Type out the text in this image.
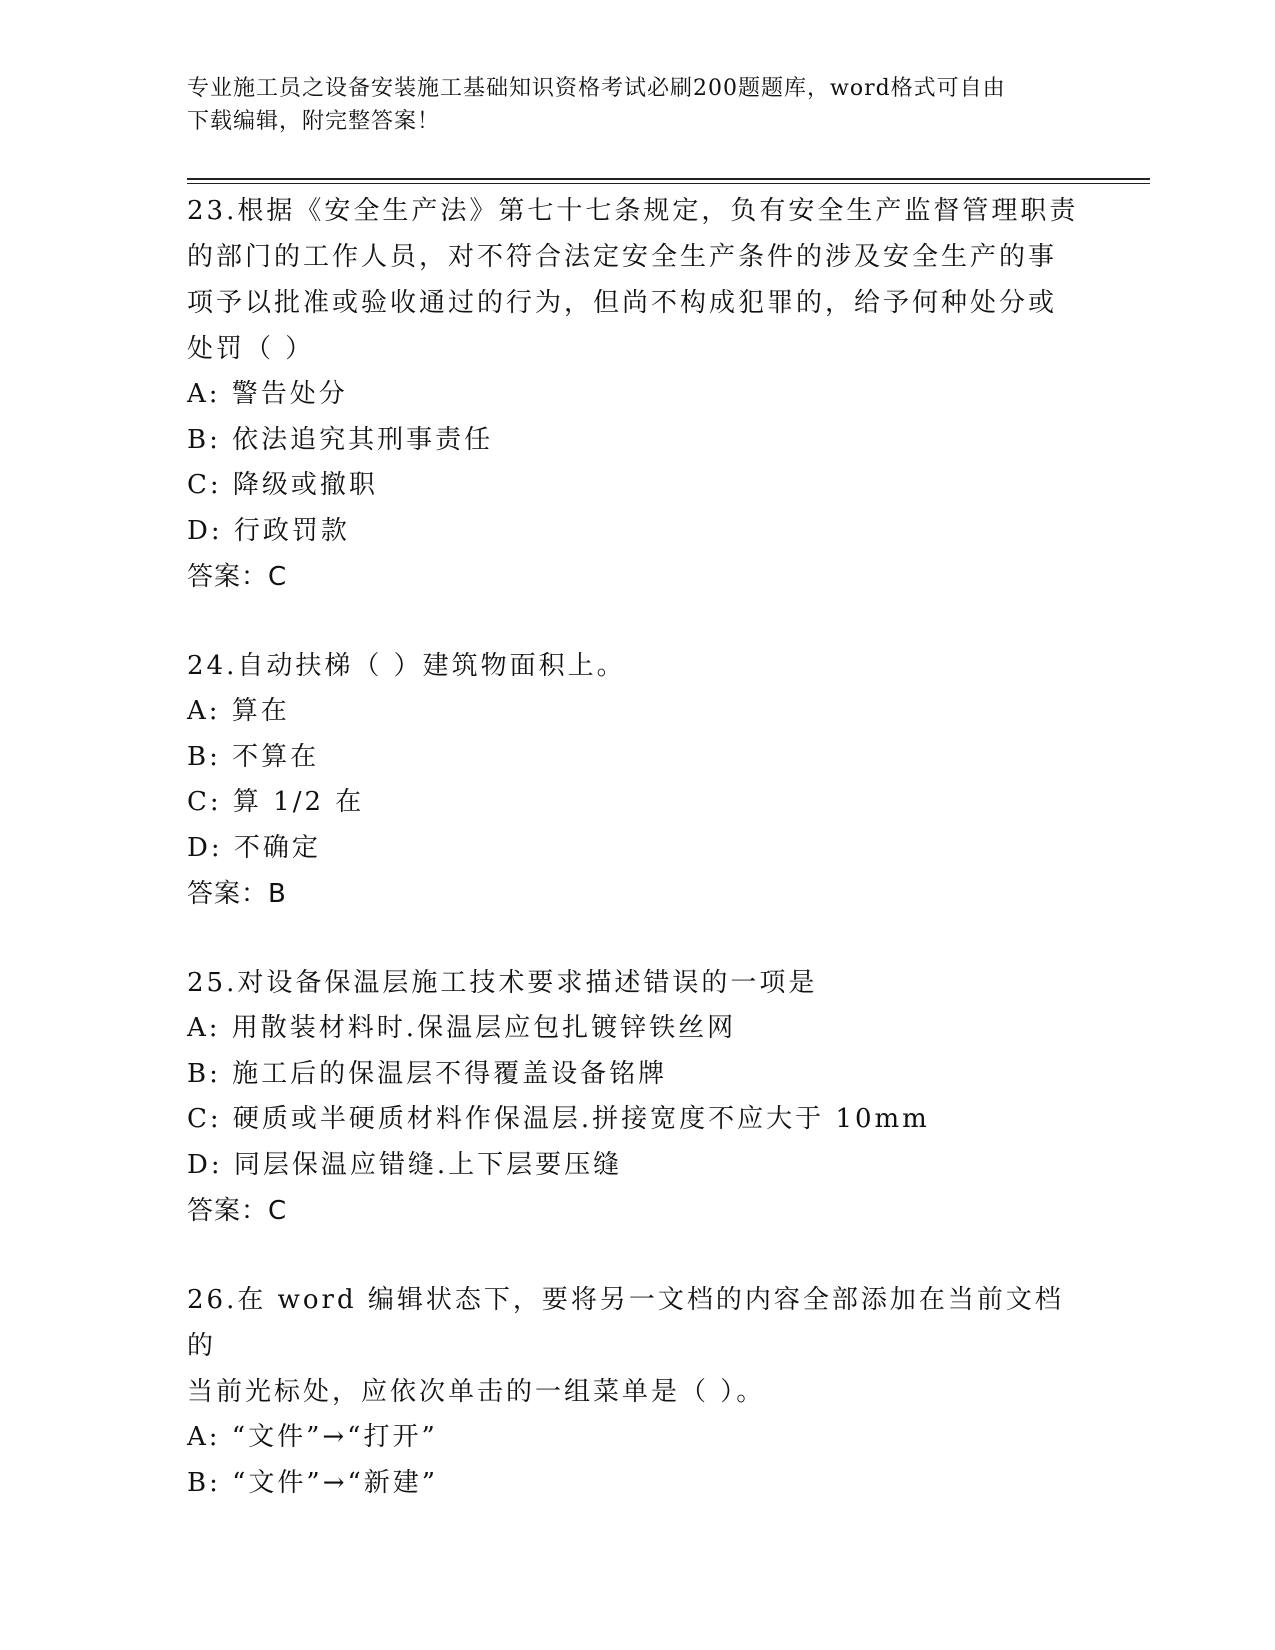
专业施工员之设备安装施工基础知识资格考试必刷200题题库，word格式可自由
下载编辑，附完整答案！

23.根据《安全生产法》第七十七条规定，负有安全生产监督管理职责

的部门的工作人员，对不符合法定安全生产条件的涉及安全生产的事

项予以批准或验收通过的行为，但尚不构成犯罪的，给予何种处分或

处罚（ ）

A: 警告处分

B: 依法追究其刑事责任

C: 降级或撤职

D: 行政罚款

答案：C

24.自动扶梯（ ）建筑物面积上。

A: 算在

B: 不算在

C: 算 1/2 在

D: 不确定

答案：B

25.对设备保温层施工技术要求描述错误的一项是

A: 用散装材料时.保温层应包扎镀锌铁丝网

B: 施工后的保温层不得覆盖设备铭牌

C: 硬质或半硬质材料作保温层.拼接宽度不应大于 10mm

D: 同层保温应错缝.上下层要压缝

答案：C

26.在 word 编辑状态下，要将另一文档的内容全部添加在当前文档的

当前光标处，应依次单击的一组菜单是（ ）。

A: “文件”→“打开”

B: “文件”→“新建”
